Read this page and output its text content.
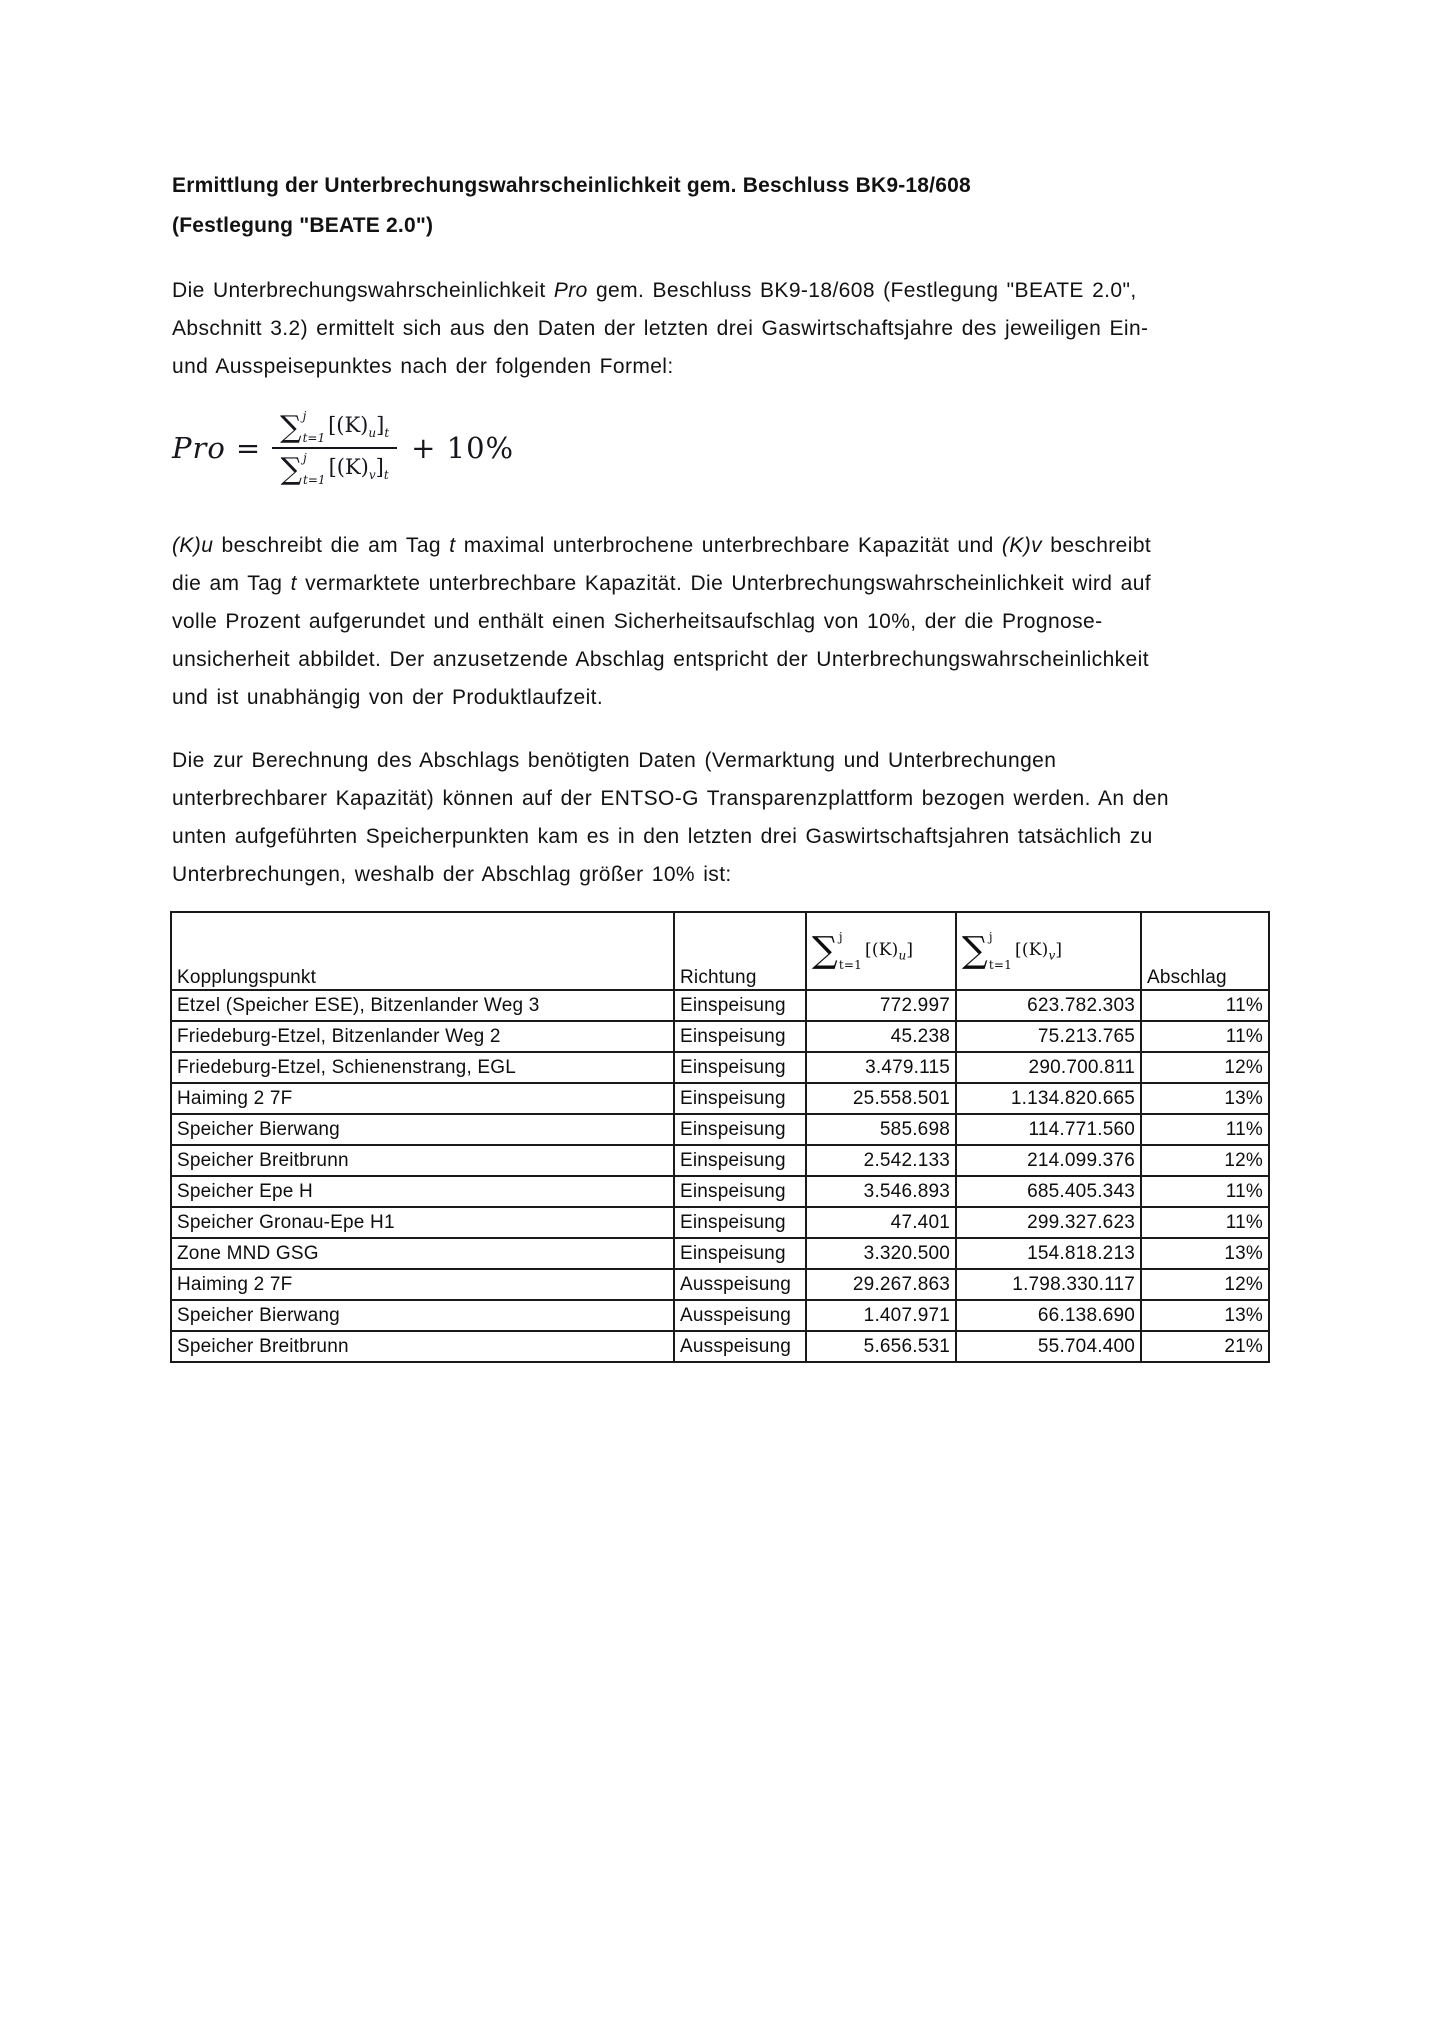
Ermittlung der Unterbrechungswahrscheinlichkeit gem. Beschluss BK9-18/608
(Festlegung "BEATE 2.0")
Die Unterbrechungswahrscheinlichkeit Pro gem. Beschluss BK9-18/608 (Festlegung "BEATE 2.0",
Abschnitt 3.2) ermittelt sich aus den Daten der letzten drei Gaswirtschaftsjahre des jeweiligen Ein-
und Ausspeisepunktes nach der folgenden Formel:
Pro =
∑ j
t=1
$[(K)_u]_t$
∑ j
t=1
$[(K)_v]_t$
+ 10%
(K)u beschreibt die am Tag t maximal unterbrochene unterbrechbare Kapazität und (K)v beschreibt
die am Tag t vermarktete unterbrechbare Kapazität. Die Unterbrechungswahrscheinlichkeit wird auf
volle Prozent aufgerundet und enthält einen Sicherheitsaufschlag von 10%, der die Prognose-
unsicherheit abbildet. Der anzusetzende Abschlag entspricht der Unterbrechungswahrscheinlichkeit
und ist unabhängig von der Produktlaufzeit.
Die zur Berechnung des Abschlags benötigten Daten (Vermarktung und Unterbrechungen
unterbrechbarer Kapazität) können auf der ENTSO-G Transparenzplattform bezogen werden. An den
unten aufgeführten Speicherpunkten kam es in den letzten drei Gaswirtschaftsjahren tatsächlich zu
Unterbrechungen, weshalb der Abschlag größer 10% ist:
Kopplungspunkt	Richtung	∑ j
t=1
$[(K)_u]$	∑ j
t=1
$[(K)_v]$	Abschlag
Etzel (Speicher ESE), Bitzenlander Weg 3	Einspeisung	772.997	623.782.303	11%
Friedeburg-Etzel, Bitzenlander Weg 2	Einspeisung	45.238	75.213.765	11%
Friedeburg-Etzel, Schienenstrang, EGL	Einspeisung	3.479.115	290.700.811	12%
Haiming 2 7F	Einspeisung	25.558.501	1.134.820.665	13%
Speicher Bierwang	Einspeisung	585.698	114.771.560	11%
Speicher Breitbrunn	Einspeisung	2.542.133	214.099.376	12%
Speicher Epe H	Einspeisung	3.546.893	685.405.343	11%
Speicher Gronau-Epe H1	Einspeisung	47.401	299.327.623	11%
Zone MND GSG	Einspeisung	3.320.500	154.818.213	13%
Haiming 2 7F	Ausspeisung	29.267.863	1.798.330.117	12%
Speicher Bierwang	Ausspeisung	1.407.971	66.138.690	13%
Speicher Breitbrunn	Ausspeisung	5.656.531	55.704.400	21%
